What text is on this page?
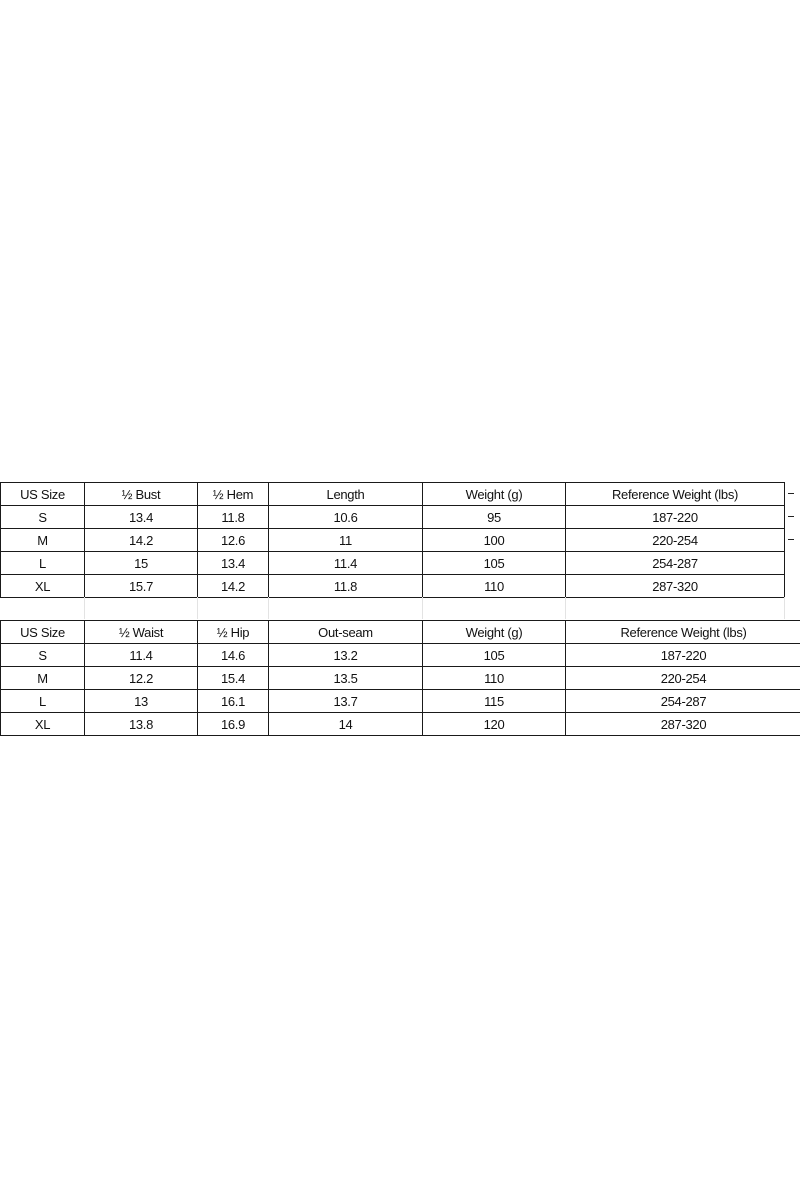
US Size	½ Bust	½ Hem	Length	Weight (g)	Reference Weight (lbs)
S	13.4	11.8	10.6	95	187-220
M	14.2	12.6	11	100	220-254
L	15	13.4	11.4	105	254-287
XL	15.7	14.2	11.8	110	287-320
US Size	½ Waist	½ Hip	Out-seam	Weight (g)	Reference Weight (lbs)
S	11.4	14.6	13.2	105	187-220
M	12.2	15.4	13.5	110	220-254
L	13	16.1	13.7	115	254-287
XL	13.8	16.9	14	120	287-320
